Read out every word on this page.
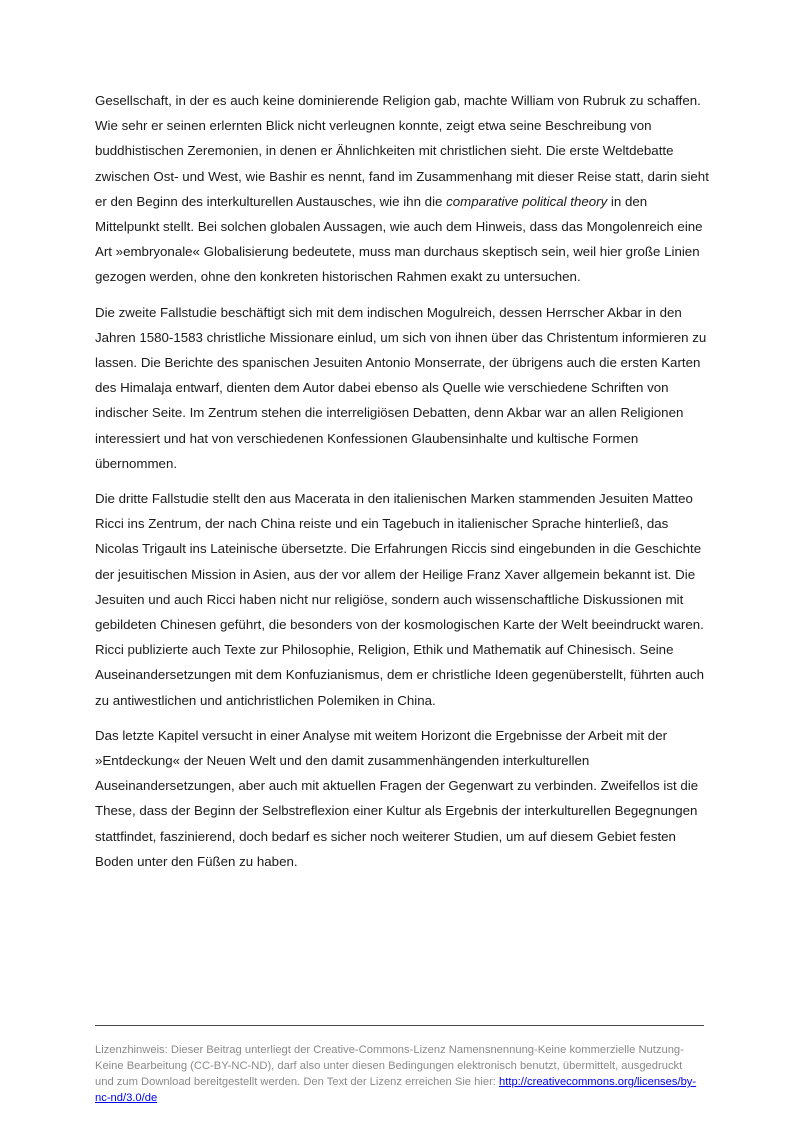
Gesellschaft, in der es auch keine dominierende Religion gab, machte William von Rubruk zu schaffen. Wie sehr er seinen erlernten Blick nicht verleugnen konnte, zeigt etwa seine Beschreibung von buddhistischen Zeremonien, in denen er Ähnlichkeiten mit christlichen sieht. Die erste Weltdebatte zwischen Ost- und West, wie Bashir es nennt, fand im Zusammenhang mit dieser Reise statt, darin sieht er den Beginn des interkulturellen Austausches, wie ihn die comparative political theory in den Mittelpunkt stellt. Bei solchen globalen Aussagen, wie auch dem Hinweis, dass das Mongolenreich eine Art »embryonale« Globalisierung bedeutete, muss man durchaus skeptisch sein, weil hier große Linien gezogen werden, ohne den konkreten historischen Rahmen exakt zu untersuchen.

Die zweite Fallstudie beschäftigt sich mit dem indischen Mogulreich, dessen Herrscher Akbar in den Jahren 1580-1583 christliche Missionare einlud, um sich von ihnen über das Christentum informieren zu lassen. Die Berichte des spanischen Jesuiten Antonio Monserrate, der übrigens auch die ersten Karten des Himalaja entwarf, dienten dem Autor dabei ebenso als Quelle wie verschiedene Schriften von indischer Seite. Im Zentrum stehen die interreligiösen Debatten, denn Akbar war an allen Religionen interessiert und hat von verschiedenen Konfessionen Glaubensinhalte und kultische Formen übernommen.

Die dritte Fallstudie stellt den aus Macerata in den italienischen Marken stammenden Jesuiten Matteo Ricci ins Zentrum, der nach China reiste und ein Tagebuch in italienischer Sprache hinterließ, das Nicolas Trigault ins Lateinische übersetzte. Die Erfahrungen Riccis sind eingebunden in die Geschichte der jesuitischen Mission in Asien, aus der vor allem der Heilige Franz Xaver allgemein bekannt ist. Die Jesuiten und auch Ricci haben nicht nur religiöse, sondern auch wissenschaftliche Diskussionen mit gebildeten Chinesen geführt, die besonders von der kosmologischen Karte der Welt beeindruckt waren. Ricci publizierte auch Texte zur Philosophie, Religion, Ethik und Mathematik auf Chinesisch. Seine Auseinandersetzungen mit dem Konfuzianismus, dem er christliche Ideen gegenüberstellt, führten auch zu antiwestlichen und antichristlichen Polemiken in China.

Das letzte Kapitel versucht in einer Analyse mit weitem Horizont die Ergebnisse der Arbeit mit der »Entdeckung« der Neuen Welt und den damit zusammenhängenden interkulturellen Auseinandersetzungen, aber auch mit aktuellen Fragen der Gegenwart zu verbinden. Zweifellos ist die These, dass der Beginn der Selbstreflexion einer Kultur als Ergebnis der interkulturellen Begegnungen stattfindet, faszinierend, doch bedarf es sicher noch weiterer Studien, um auf diesem Gebiet festen Boden unter den Füßen zu haben.

Lizenzhinweis: Dieser Beitrag unterliegt der Creative-Commons-Lizenz Namensnennung-Keine kommerzielle Nutzung-Keine Bearbeitung (CC-BY-NC-ND), darf also unter diesen Bedingungen elektronisch benutzt, übermittelt, ausgedruckt und zum Download bereitgestellt werden. Den Text der Lizenz erreichen Sie hier: http://creativecommons.org/licenses/by-nc-nd/3.0/de
